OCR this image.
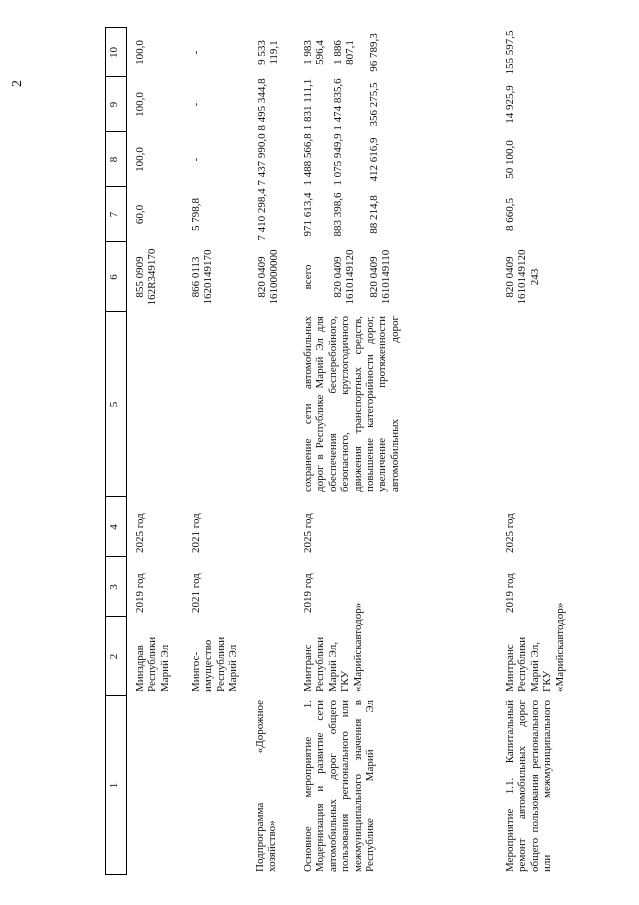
2
1
2
3
4
5
6
7
8
9
10
Минздрав Республики Марий Эл
2019 год
2025 год
855 0909 162R349170
60,0
100,0
100,0
100,0
Мингос-имущество Республики Марий Эл
2021 год
2021 год
866 0113 1620149170
5 798,8
-
-
-
Подпрограмма «Дорожное хозяйство»
820 0409 1610000000
7 410 298,4
7 437 990,0
8 495 344,8
9 533 119,1
Основное мероприятие 1. Модернизация и развитие сети автомобильных дорог общего пользования регионального или межмуниципального значения в Республике Марий Эл
Минтранс Республики Марий Эл, ГКУ «Марийскавтодор»
2019 год
2025 год
сохранение сети автомобильных дорог в Республике Марий Эл для обеспечения бесперебойного, безопасного, круглогодичного движения транспортных средств, повышение категорийности дорог, увеличение протяженности автомобильных дорог
всего
971 613,4
1 488 566,8
1 831 111,1
1 983 596,4
820 0409 1610149120
883 398,6
1 075 949,9
1 474 835,6
1 886 807,1
820 0409 1610149110
88 214,8
412 616,9
356 275,5
96 789,3
Мероприятие 1.1. Капитальный ремонт автомобильных дорог общего пользования регионального или межмуниципального
Минтранс Республики Марий Эл, ГКУ «Марийскавтодор»
2019 год
2025 год
820 0409 1610149120 243
8 660,5
50 100,0
14 925,9
155 597,5
